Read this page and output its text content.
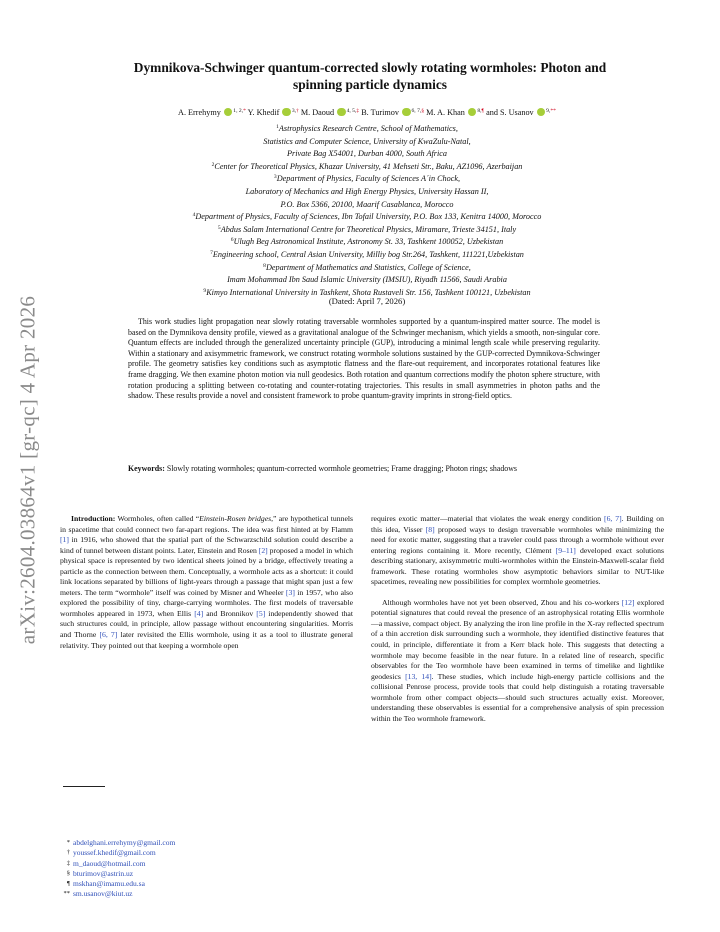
arXiv:2604.03864v1 [gr-qc] 4 Apr 2026
Dymnikova-Schwinger quantum-corrected slowly rotating wormholes: Photon and
spinning particle dynamics
A. Errehymy $^{1, 2,*}$ Y. Khedif $^{3,\dagger}$ M. Daoud $^{4, 5,\ddagger}$ B. Turimov $^{6, 7,\S}$ M. A. Khan $^{8,\P}$ and S. Usanov $^{9,**}$
$^1$Astrophysics Research Centre, School of Mathematics,
Statistics and Computer Science, University of KwaZulu-Natal,
Private Bag X54001, Durban 4000, South Africa
$^2$Center for Theoretical Physics, Khazar University, 41 Mehseti Str., Baku, AZ1096, Azerbaijan
$^3$Department of Physics, Faculty of Sciences A´in Chock,
Laboratory of Mechanics and High Energy Physics, University Hassan II,
P.O. Box 5366, 20100, Maarif Casablanca, Morocco
$^4$Department of Physics, Faculty of Sciences, Ibn Tofail University, P.O. Box 133, Kenitra 14000, Morocco
$^5$Abdus Salam International Centre for Theoretical Physics, Miramare, Trieste 34151, Italy
$^6$Ulugh Beg Astronomical Institute, Astronomy St. 33, Tashkent 100052, Uzbekistan
$^7$Engineering school, Central Asian University, Milliy bog Str.264, Tashkent, 111221,Uzbekistan
$^8$Department of Mathematics and Statistics, College of Science,
Imam Mohammad Ibn Saud Islamic University (IMSIU), Riyadh 11566, Saudi Arabia
$^9$Kimyo International University in Tashkent, Shota Rustaveli Str. 156, Tashkent 100121, Uzbekistan
(Dated: April 7, 2026)
This work studies light propagation near slowly rotating traversable wormholes supported by a quantum-inspired matter source. The model is based on the Dymnikova density profile, viewed as a gravitational analogue of the Schwinger mechanism, which yields a smooth, non-singular core. Quantum effects are included through the generalized uncertainty principle (GUP), introducing a minimal length scale while preserving regularity. Within a stationary and axisymmetric framework, we construct rotating wormhole solutions sustained by the GUP-corrected Dymnikova-Schwinger profile. The geometry satisfies key conditions such as asymptotic flatness and the flare-out requirement, and incorporates rotational features like frame dragging. We then examine photon motion via null geodesics. Both rotation and quantum corrections modify the photon sphere structure, with rotation producing a splitting between co-rotating and counter-rotating trajectories. This results in small asymmetries in photon paths and the shadow. These results provide a novel and consistent framework to probe quantum-gravity imprints in strong-field optics.
Keywords: Slowly rotating wormholes; quantum-corrected wormhole geometries; Frame dragging; Photon rings; shadows

Introduction: Wormholes, often called “Einstein-Rosen bridges,” are hypothetical tunnels in spacetime that could connect two far-apart regions. The idea was first hinted at by Flamm [1] in 1916, who showed that the spatial part of the Schwarzschild solution could describe a kind of tunnel between distant points. Later, Einstein and Rosen [2] proposed a model in which physical space is represented by two identical sheets joined by a bridge, effectively treating a particle as the connection between them. Conceptually, a wormhole acts as a shortcut: it could link locations separated by billions of light-years through a passage that might span just a few meters. The term “wormhole” itself was coined by Misner and Wheeler [3] in 1957, who also explored the possibility of tiny, charge-carrying wormholes. The first models of traversable wormholes appeared in 1973, when Ellis [4] and Bronnikov [5] independently showed that such structures could, in principle, allow passage without encountering singularities. Morris and Thorne [6, 7] later revisited the Ellis wormhole, using it as a tool to illustrate general relativity. They pointed out that keeping a wormhole open

requires exotic matter—material that violates the weak energy condition [6, 7]. Building on this idea, Visser [8] proposed ways to design traversable wormholes while minimizing the need for exotic matter, suggesting that a traveler could pass through a wormhole without ever entering regions containing it. More recently, Clément [9–11] developed exact solutions describing stationary, axisymmetric multi-wormholes within the Einstein-Maxwell-scalar field framework. These rotating wormholes show asymptotic behaviors similar to NUT-like spacetimes, revealing new possibilities for complex wormhole geometries.

Although wormholes have not yet been observed, Zhou and his co-workers [12] explored potential signatures that could reveal the presence of an astrophysical rotating Ellis wormhole—a massive, compact object. By analyzing the iron line profile in the X-ray reflected spectrum of a thin accretion disk surrounding such a wormhole, they identified distinctive features that could, in principle, differentiate it from a Kerr black hole. This suggests that detecting a wormhole may become feasible in the near future. In a related line of research, specific observables for the Teo wormhole have been examined in terms of timelike and lightlike geodesics [13, 14]. These studies, which include high-energy particle collisions and the collisional Penrose process, provide tools that could help distinguish a rotating traversable wormhole from other compact objects—should such structures actually exist. Moreover, understanding these observables is essential for a comprehensive analysis of spin precession within the Teo wormhole framework.

* abdelghani.errehymy@gmail.com
† youssef.khedif@gmail.com
‡ m_daoud@hotmail.com
§ bturimov@astrin.uz
¶ mskhan@imamu.edu.sa
** sm.usanov@kiut.uz
